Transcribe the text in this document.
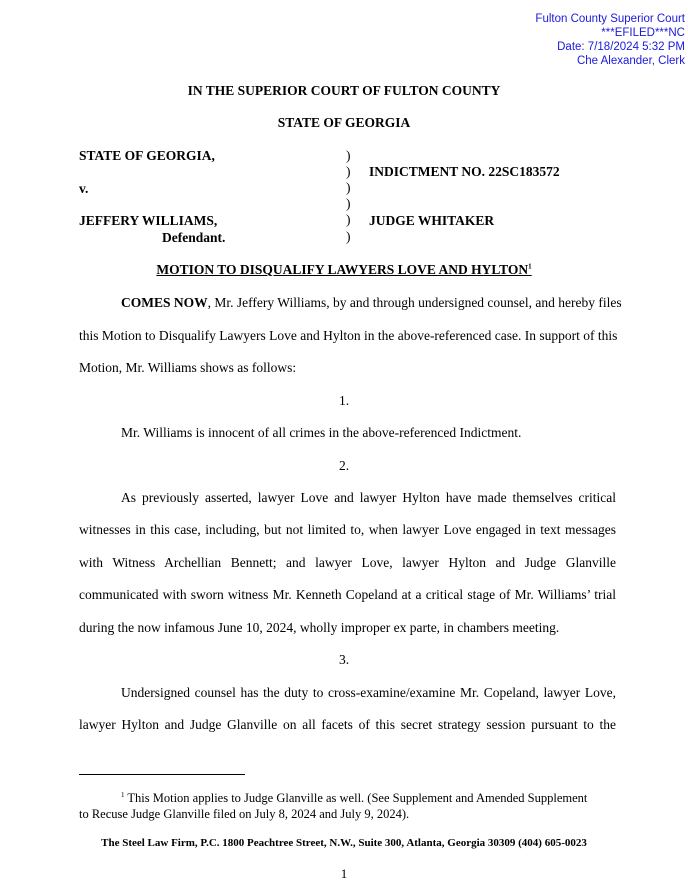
Fulton County Superior Court
***EFILED***NC
Date: 7/18/2024 5:32 PM
Che Alexander, Clerk
IN THE SUPERIOR COURT OF FULTON COUNTY
STATE OF GEORGIA
STATE OF GEORGIA,
v.
JEFFERY WILLIAMS,
Defendant.
)
)
)
)
)
)
INDICTMENT NO. 22SC183572
JUDGE WHITAKER
MOTION TO DISQUALIFY LAWYERS LOVE AND HYLTON$^1$
COMES NOW, Mr. Jeffery Williams, by and through undersigned counsel, and hereby files
this Motion to Disqualify Lawyers Love and Hylton in the above-referenced case. In support of this
Motion, Mr. Williams shows as follows:
1.
Mr. Williams is innocent of all crimes in the above-referenced Indictment.
2.
As previously asserted, lawyer Love and lawyer Hylton have made themselves critical
witnesses in this case, including, but not limited to, when lawyer Love engaged in text messages
with Witness Archellian Bennett; and lawyer Love, lawyer Hylton and Judge Glanville
communicated with sworn witness Mr. Kenneth Copeland at a critical stage of Mr. Williams’ trial
during the now infamous June 10, 2024, wholly improper ex parte, in chambers meeting.
3.
Undersigned counsel has the duty to cross-examine/examine Mr. Copeland, lawyer Love,
lawyer Hylton and Judge Glanville on all facets of this secret strategy session pursuant to the
$^1$ This Motion applies to Judge Glanville as well. (See Supplement and Amended Supplement
to Recuse Judge Glanville filed on July 8, 2024 and July 9, 2024).
The Steel Law Firm, P.C. 1800 Peachtree Street, N.W., Suite 300, Atlanta, Georgia 30309 (404) 605-0023
1
